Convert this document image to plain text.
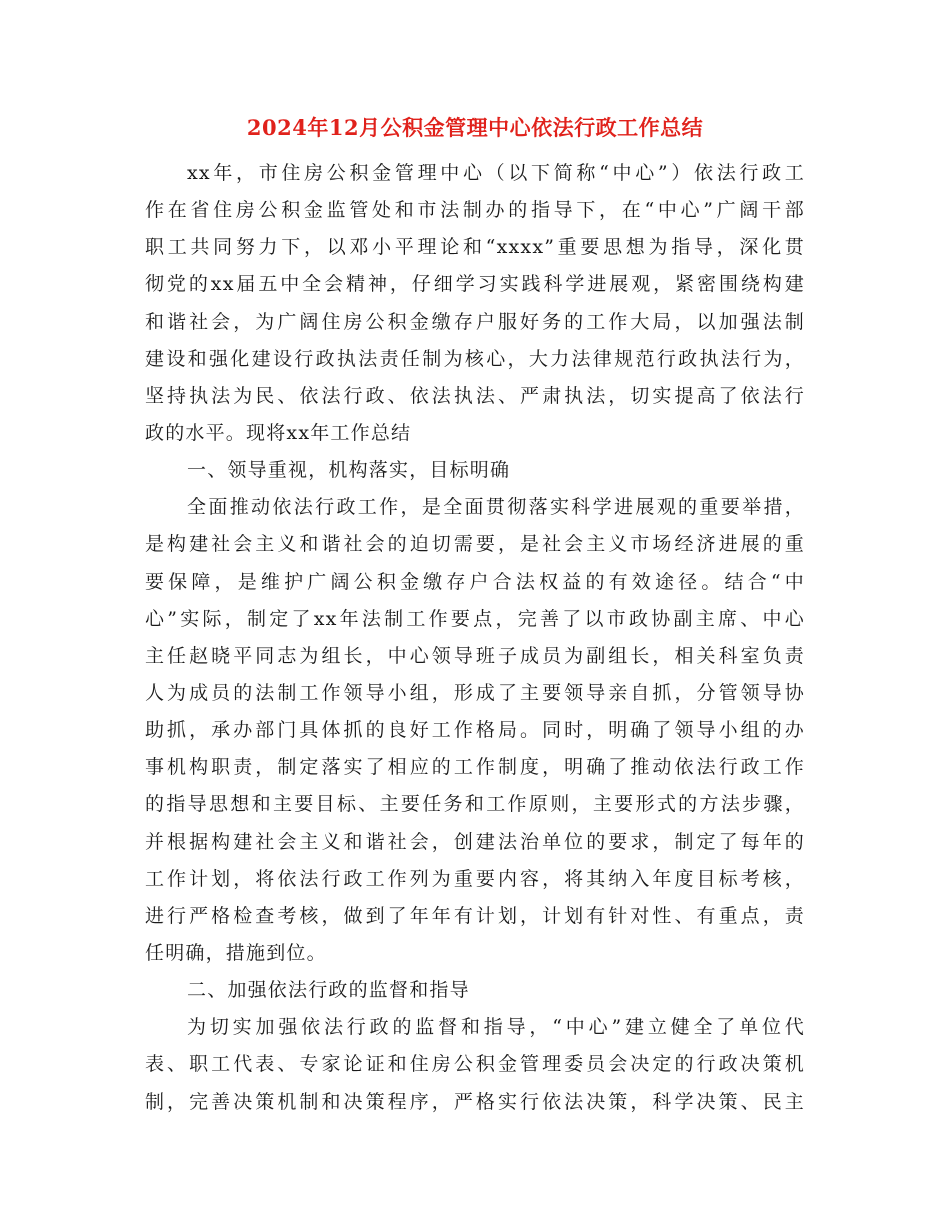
2024年12月公积金管理中心依法行政工作总结
xx年，市住房公积金管理中心（以下简称“中心”）依法行政工
作在省住房公积金监管处和市法制办的指导下，在“中心”广阔干部
职工共同努力下，以邓小平理论和“xxxx”重要思想为指导，深化贯
彻党的xx届五中全会精神，仔细学习实践科学进展观，紧密围绕构建
和谐社会，为广阔住房公积金缴存户服好务的工作大局，以加强法制
建设和强化建设行政执法责任制为核心，大力法律规范行政执法行为，
坚持执法为民、依法行政、依法执法、严肃执法，切实提高了依法行
政的水平。现将xx年工作总结
一、领导重视，机构落实，目标明确
全面推动依法行政工作，是全面贯彻落实科学进展观的重要举措，
是构建社会主义和谐社会的迫切需要，是社会主义市场经济进展的重
要保障，是维护广阔公积金缴存户合法权益的有效途径。结合“中
心”实际，制定了xx年法制工作要点，完善了以市政协副主席、中心
主任赵晓平同志为组长，中心领导班子成员为副组长，相关科室负责
人为成员的法制工作领导小组，形成了主要领导亲自抓，分管领导协
助抓，承办部门具体抓的良好工作格局。同时，明确了领导小组的办
事机构职责，制定落实了相应的工作制度，明确了推动依法行政工作
的指导思想和主要目标、主要任务和工作原则，主要形式的方法步骤，
并根据构建社会主义和谐社会，创建法治单位的要求，制定了每年的
工作计划，将依法行政工作列为重要内容，将其纳入年度目标考核，
进行严格检查考核，做到了年年有计划，计划有针对性、有重点，责
任明确，措施到位。
二、加强依法行政的监督和指导
为切实加强依法行政的监督和指导，“中心”建立健全了单位代
表、职工代表、专家论证和住房公积金管理委员会决定的行政决策机
制，完善决策机制和决策程序，严格实行依法决策，科学决策、民主
